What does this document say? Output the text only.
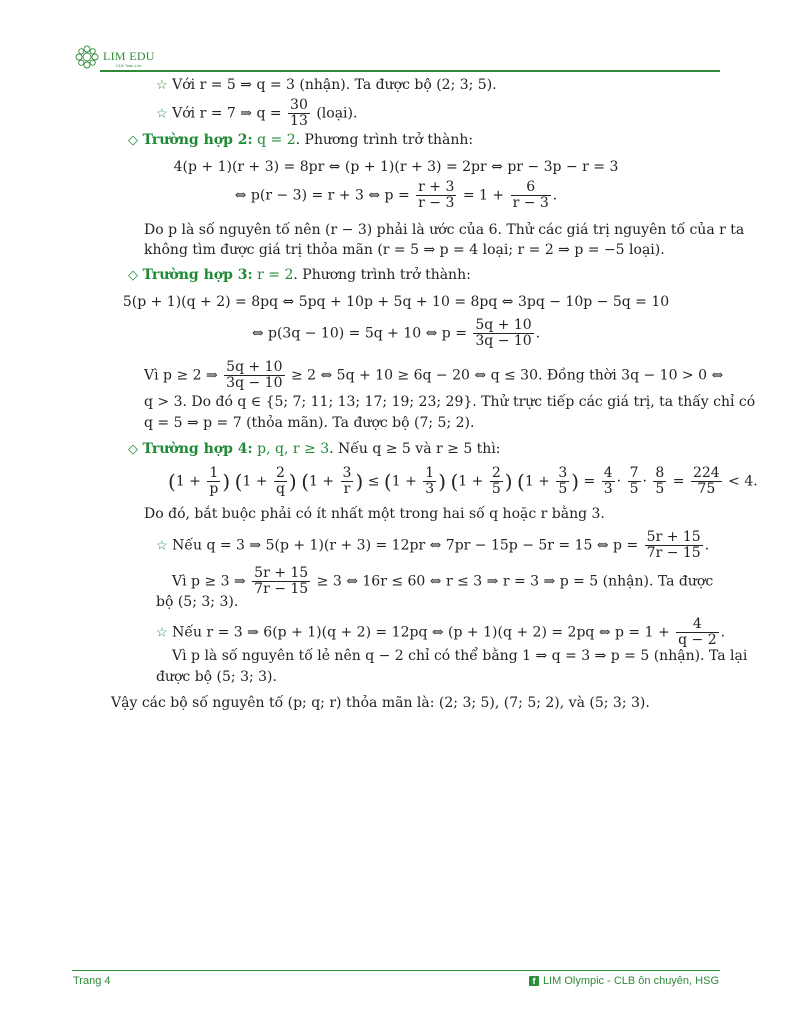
LIM EDU
CLB Toán Lim
☆ Với r = 5 ⇒ q = 3 (nhận). Ta được bộ (2; 3; 5).
☆ Với r = 7 ⇒ $q = \frac{30}{13}$ (loại).
◇ Trường hợp 2: q = 2. Phương trình trở thành:
4(p + 1)(r + 3) = 8pr ⇔ (p + 1)(r + 3) = 2pr ⇔ pr − 3p − r = 3
⇔ p(r − 3) = r + 3 ⇔ $p = \frac{r + 3}{r - 3} = 1 + \frac{6}{r - 3}$ .
Do p là số nguyên tố nên (r − 3) phải là ước của 6. Thử các giá trị nguyên tố của r ta
không tìm được giá trị thỏa mãn (r = 5 ⇒ p = 4 loại; r = 2 ⇒ p = −5 loại).
◇ Trường hợp 3: r = 2. Phương trình trở thành:
5(p + 1)(q + 2) = 8pq ⇔ 5pq + 10p + 5q + 10 = 8pq ⇔ 3pq − 10p − 5q = 10
⇔ p(3q − 10) = 5q + 10 ⇔ $p = \frac{5q + 10}{3q - 10}$ .
Vì p ≥ 2 ⇒ $\frac{5q + 10}{3q - 10} \ge 2$ ⇔ 5q + 10 ≥ 6q − 20 ⇔ q ≤ 30. Đồng thời 3q − 10 > 0 ⇔
q > 3. Do đó q ∈ {5; 7; 11; 13; 17; 19; 23; 29}. Thử trực tiếp các giá trị, ta thấy chỉ có
q = 5 ⇒ p = 7 (thỏa mãn). Ta được bộ (7; 5; 2).
◇ Trường hợp 4: p, q, r ≥ 3. Nếu q ≥ 5 và r ≥ 5 thì:
($1 + \frac{1}{p}$ ) ($1 + \frac{2}{q}$ ) ($1 + \frac{3}{r}$ ) ≤ ($1 + \frac{1}{3}$ ) ($1 + \frac{2}{5}$ ) ($1 + \frac{3}{5}$ ) = $\frac{4}{3} \cdot \frac{7}{5} \cdot \frac{8}{5} = \frac{224}{75} < 4$.
Do đó, bắt buộc phải có ít nhất một trong hai số q hoặc r bằng 3.
☆ Nếu q = 3 ⇒ 5(p + 1)(r + 3) = 12pr ⇔ 7pr − 15p − 5r = 15 ⇔ $p = \frac{5r + 15}{7r - 15}$ .
Vì p ≥ 3 ⇒ $\frac{5r + 15}{7r - 15} \ge 3$ ⇔ 16r ≤ 60 ⇔ r ≤ 3 ⇒ r = 3 ⇒ p = 5 (nhận). Ta được
bộ (5; 3; 3).
☆ Nếu r = 3 ⇒ 6(p + 1)(q + 2) = 12pq ⇔ (p + 1)(q + 2) = 2pq ⇔ $p = 1 + \frac{4}{q - 2}$ .
Vì p là số nguyên tố lẻ nên q − 2 chỉ có thể bằng 1 ⇒ q = 3 ⇒ p = 5 (nhận). Ta lại
được bộ (5; 3; 3).
Vậy các bộ số nguyên tố (p; q; r) thỏa mãn là: (2; 3; 5), (7; 5; 2), và (5; 3; 3).
Trang 4	f LIM Olympic - CLB ôn chuyên, HSG
